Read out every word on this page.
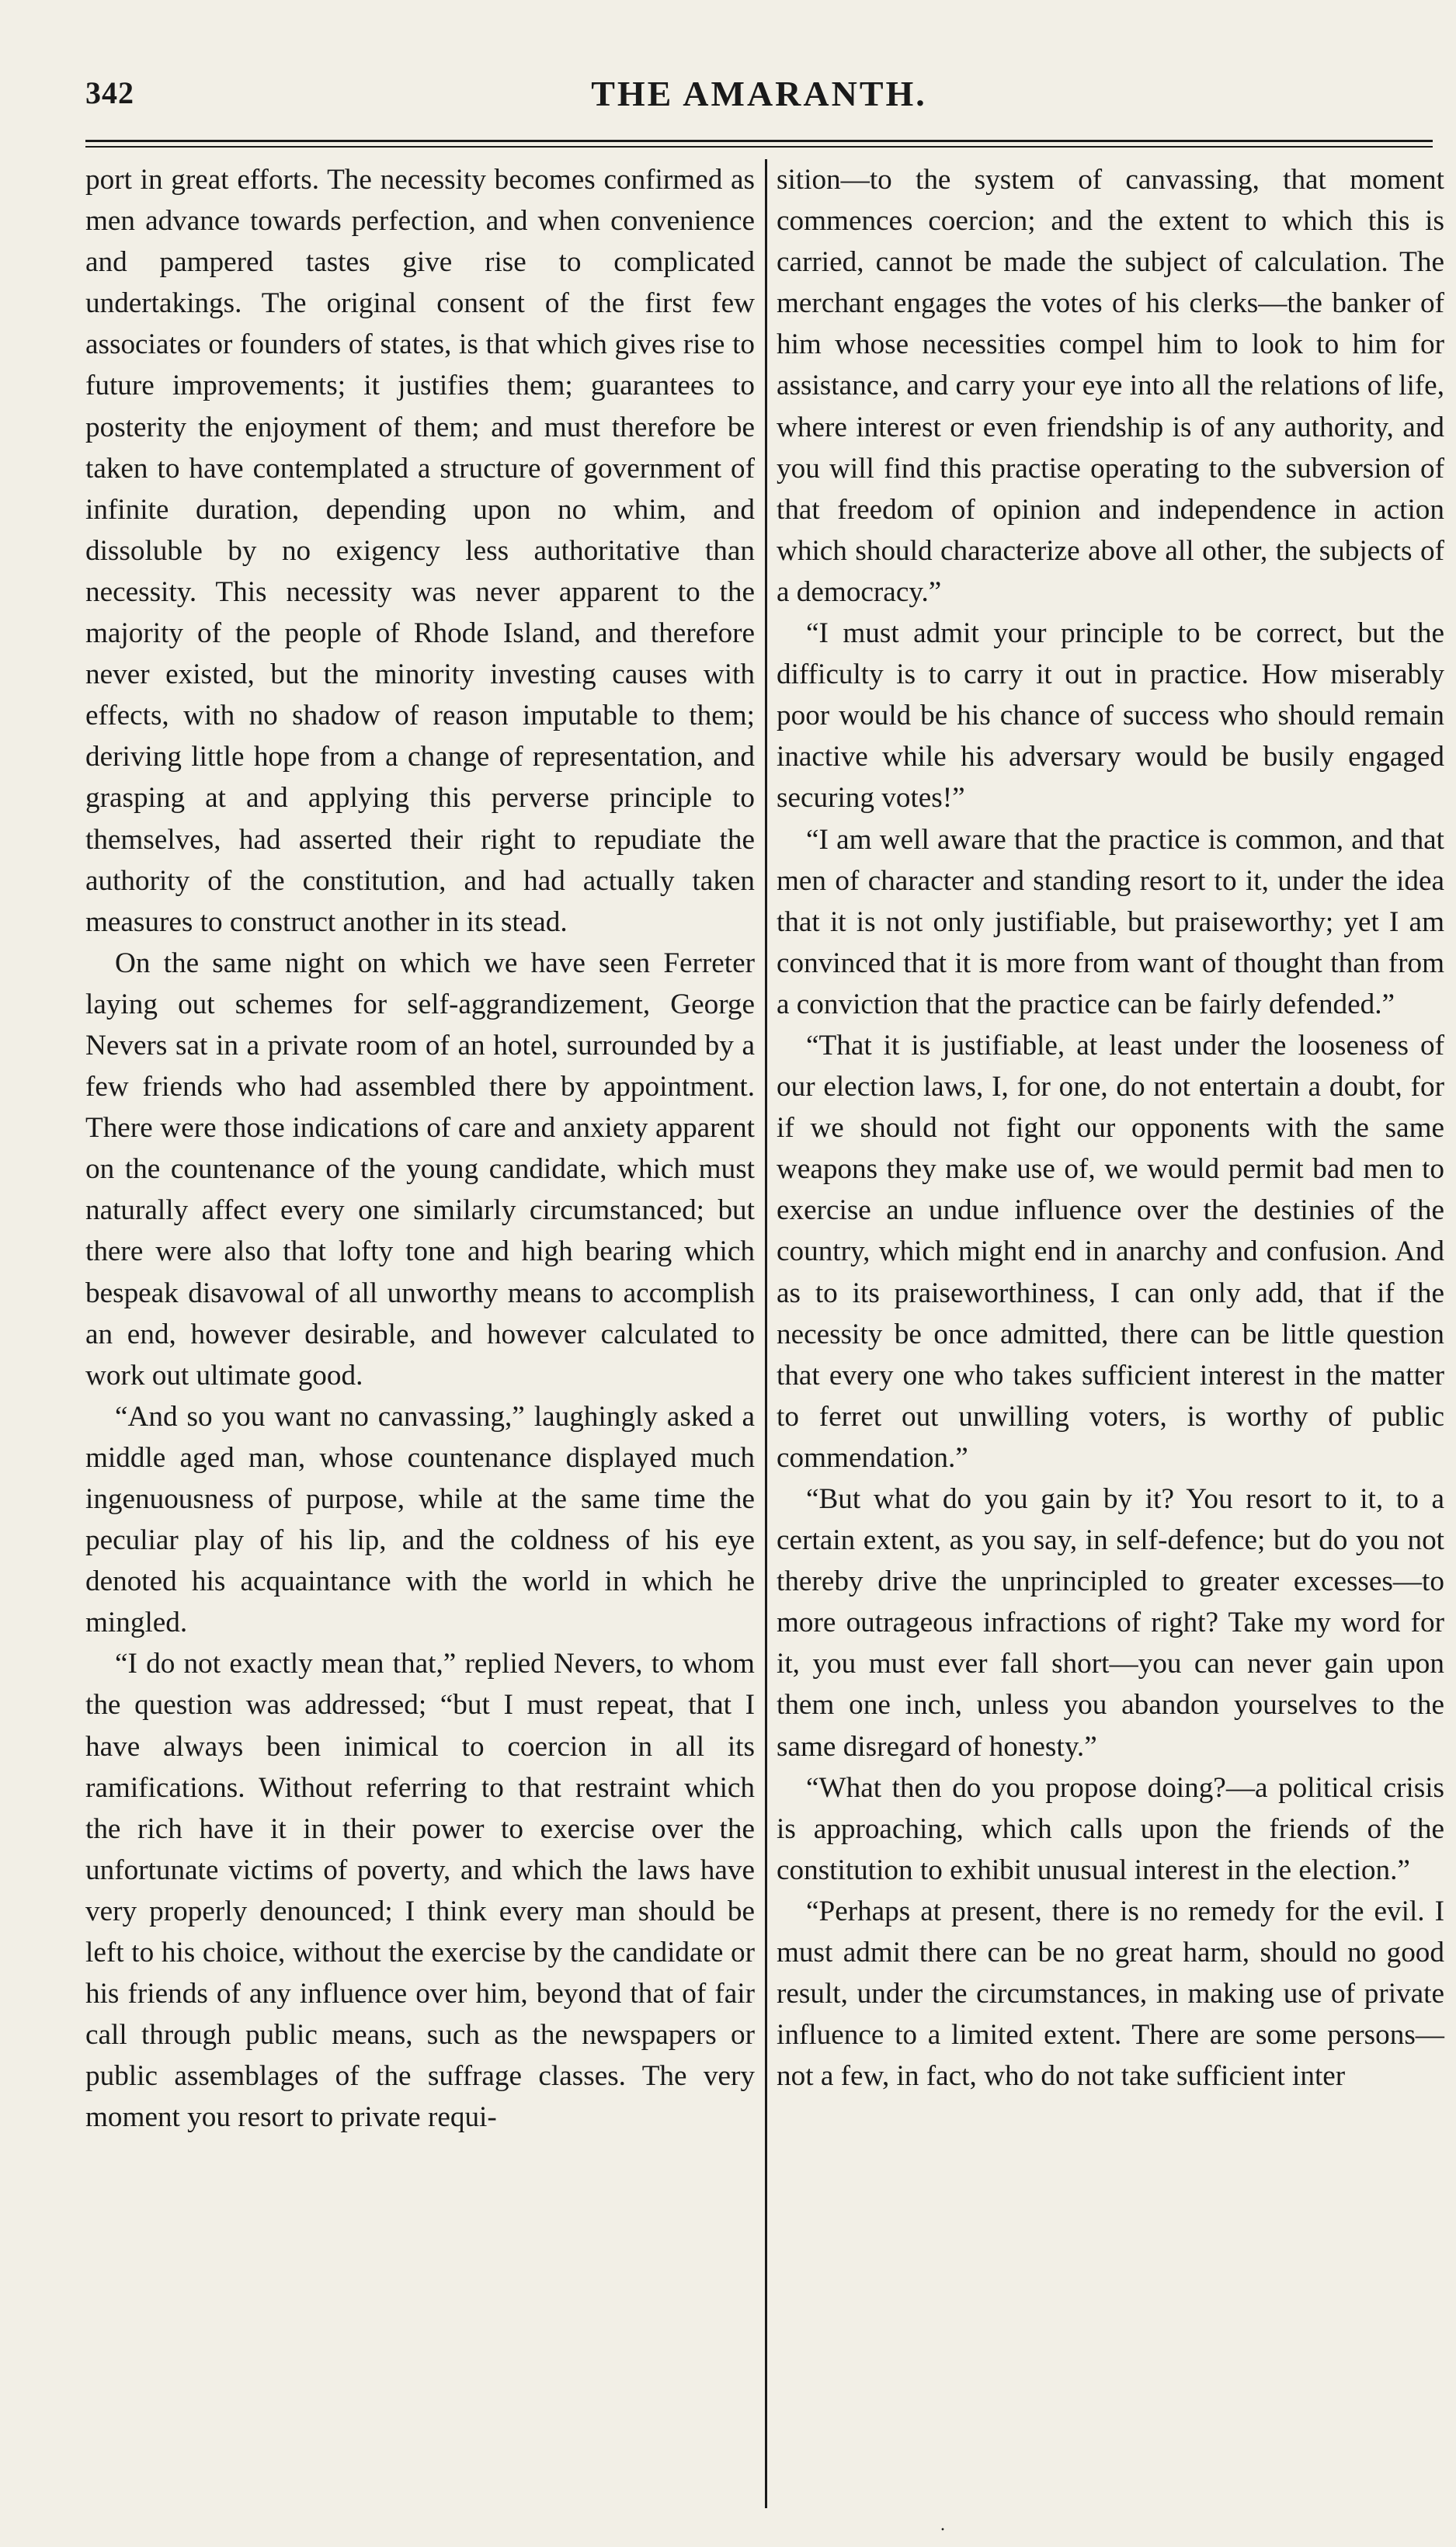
342	THE AMARANTH.

port in great efforts. The necessity becomes confirmed as men advance towards perfection, and when convenience and pampered tastes give rise to complicated undertakings. The original consent of the first few associates or founders of states, is that which gives rise to future improvements; it justifies them; guarantees to posterity the enjoyment of them; and must therefore be taken to have contemplated a structure of government of infinite duration, depending upon no whim, and dissoluble by no exigency less authoritative than necessity. This necessity was never apparent to the majority of the people of Rhode Island, and therefore never existed, but the minority investing causes with effects, with no shadow of reason imputable to them; deriving little hope from a change of representation, and grasping at and applying this perverse principle to themselves, had asserted their right to repudiate the authority of the constitution, and had actually taken measures to construct another in its stead.

On the same night on which we have seen Ferreter laying out schemes for self-aggrandizement, George Nevers sat in a private room of an hotel, surrounded by a few friends who had assembled there by appointment. There were those indications of care and anxiety apparent on the countenance of the young candidate, which must naturally affect every one similarly circumstanced; but there were also that lofty tone and high bearing which bespeak disavowal of all unworthy means to accomplish an end, however desirable, and however calculated to work out ultimate good.

“And so you want no canvassing,” laughingly asked a middle aged man, whose countenance displayed much ingenuousness of purpose, while at the same time the peculiar play of his lip, and the coldness of his eye denoted his acquaintance with the world in which he mingled.

“I do not exactly mean that,” replied Nevers, to whom the question was addressed; “but I must repeat, that I have always been inimical to coercion in all its ramifications. Without referring to that restraint which the rich have it in their power to exercise over the unfortunate victims of poverty, and which the laws have very properly denounced; I think every man should be left to his choice, without the exercise by the candidate or his friends of any influence over him, beyond that of fair call through public means, such as the newspapers or public assemblages of the suffrage classes. The very moment you resort to private requi-

sition—to the system of canvassing, that moment commences coercion; and the extent to which this is carried, cannot be made the subject of calculation. The merchant engages the votes of his clerks—the banker of him whose necessities compel him to look to him for assistance, and carry your eye into all the relations of life, where interest or even friendship is of any authority, and you will find this practise operating to the subversion of that freedom of opinion and independence in action which should characterize above all other, the subjects of a democracy.”

“I must admit your principle to be correct, but the difficulty is to carry it out in practice. How miserably poor would be his chance of success who should remain inactive while his adversary would be busily engaged securing votes!”

“I am well aware that the practice is common, and that men of character and standing resort to it, under the idea that it is not only justifiable, but praiseworthy; yet I am convinced that it is more from want of thought than from a conviction that the practice can be fairly defended.”

“That it is justifiable, at least under the looseness of our election laws, I, for one, do not entertain a doubt, for if we should not fight our opponents with the same weapons they make use of, we would permit bad men to exercise an undue influence over the destinies of the country, which might end in anarchy and confusion. And as to its praiseworthiness, I can only add, that if the necessity be once admitted, there can be little question that every one who takes sufficient interest in the matter to ferret out unwilling voters, is worthy of public commendation.”

“But what do you gain by it? You resort to it, to a certain extent, as you say, in self-defence; but do you not thereby drive the unprincipled to greater excesses—to more outrageous infractions of right? Take my word for it, you must ever fall short—you can never gain upon them one inch, unless you abandon yourselves to the same disregard of honesty.”

“What then do you propose doing?—a political crisis is approaching, which calls upon the friends of the constitution to exhibit unusual interest in the election.”

“Perhaps at present, there is no remedy for the evil. I must admit there can be no great harm, should no good result, under the circumstances, in making use of private influence to a limited extent. There are some persons—not a few, in fact, who do not take sufficient inter

·
